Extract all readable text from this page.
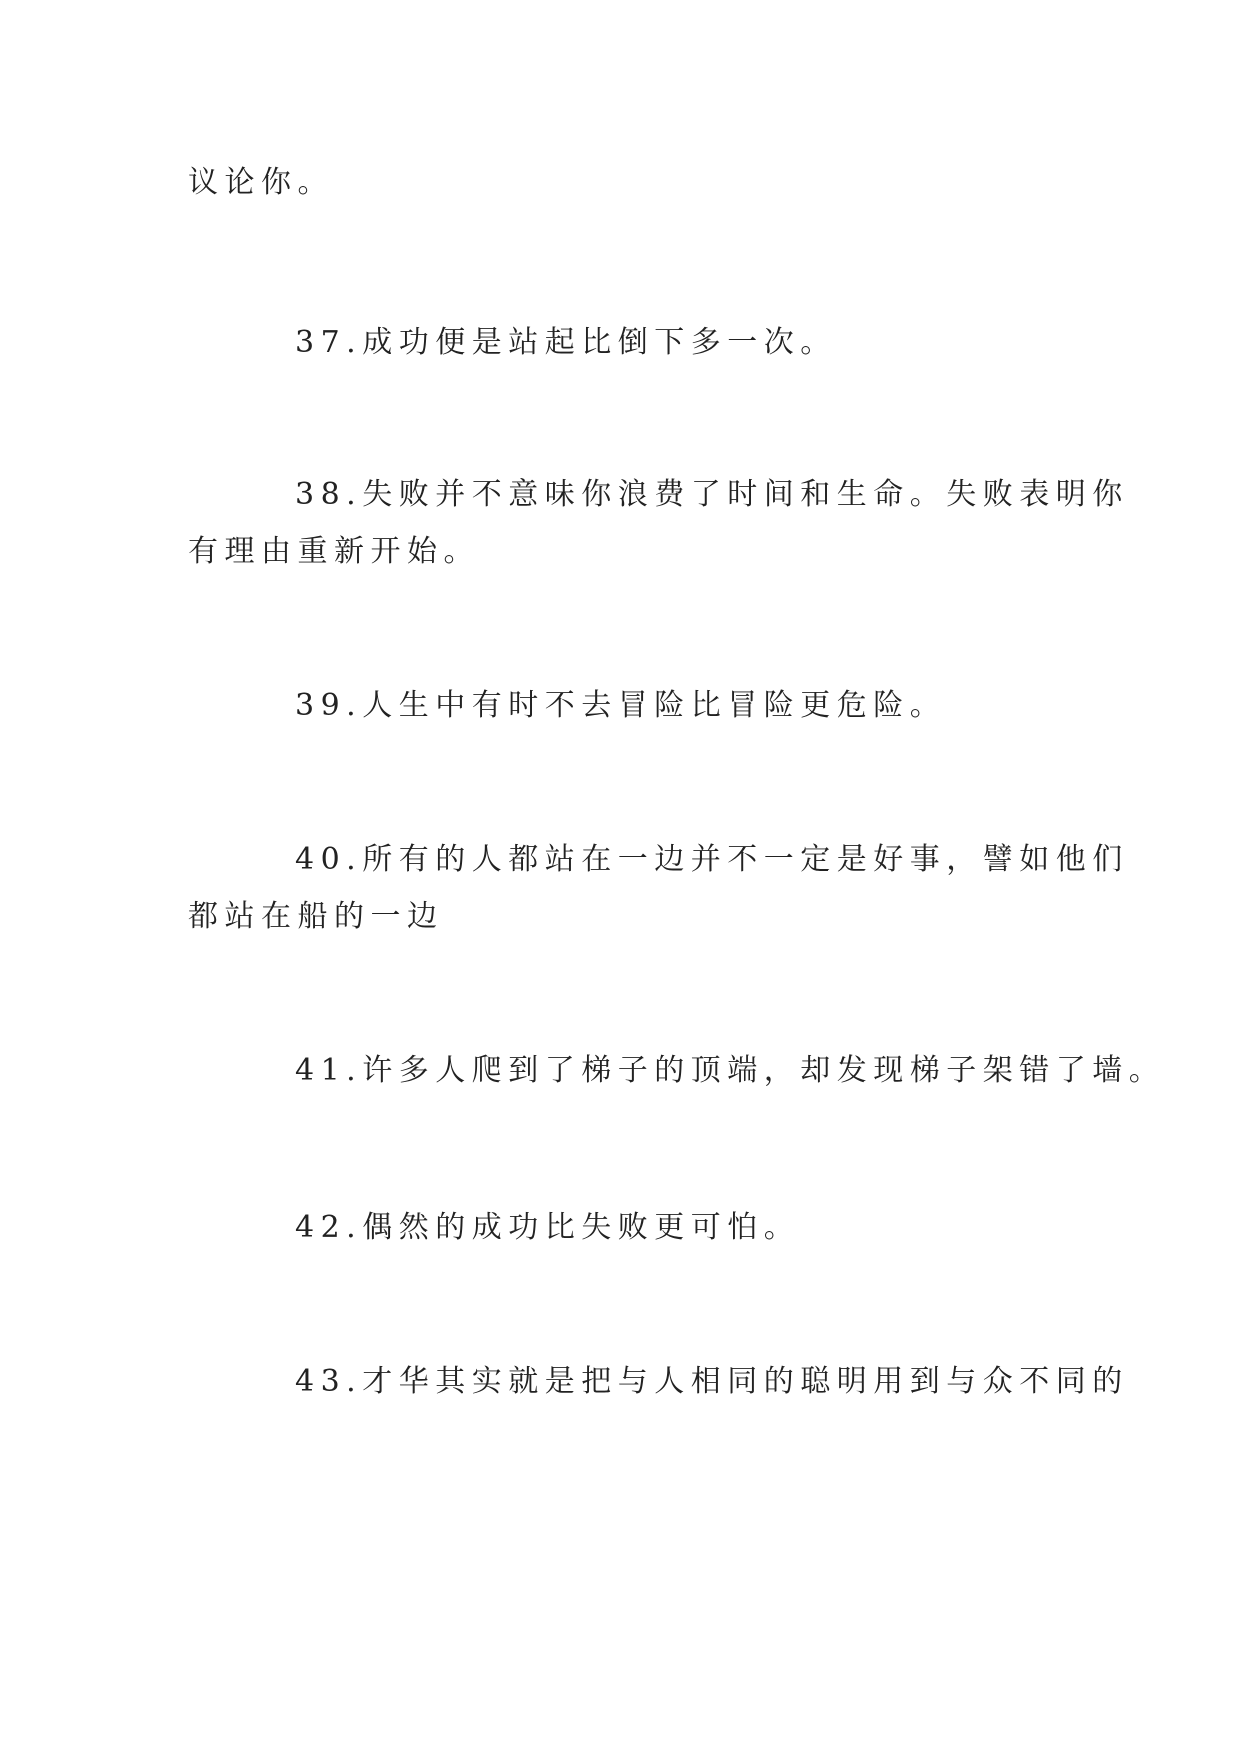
议论你。
37.成功便是站起比倒下多一次。
38.失败并不意味你浪费了时间和生命。失败表明你
有理由重新开始。
39.人生中有时不去冒险比冒险更危险。
40.所有的人都站在一边并不一定是好事，譬如他们
都站在船的一边
41.许多人爬到了梯子的顶端，却发现梯子架错了墙。
42.偶然的成功比失败更可怕。
43.才华其实就是把与人相同的聪明用到与众不同的
